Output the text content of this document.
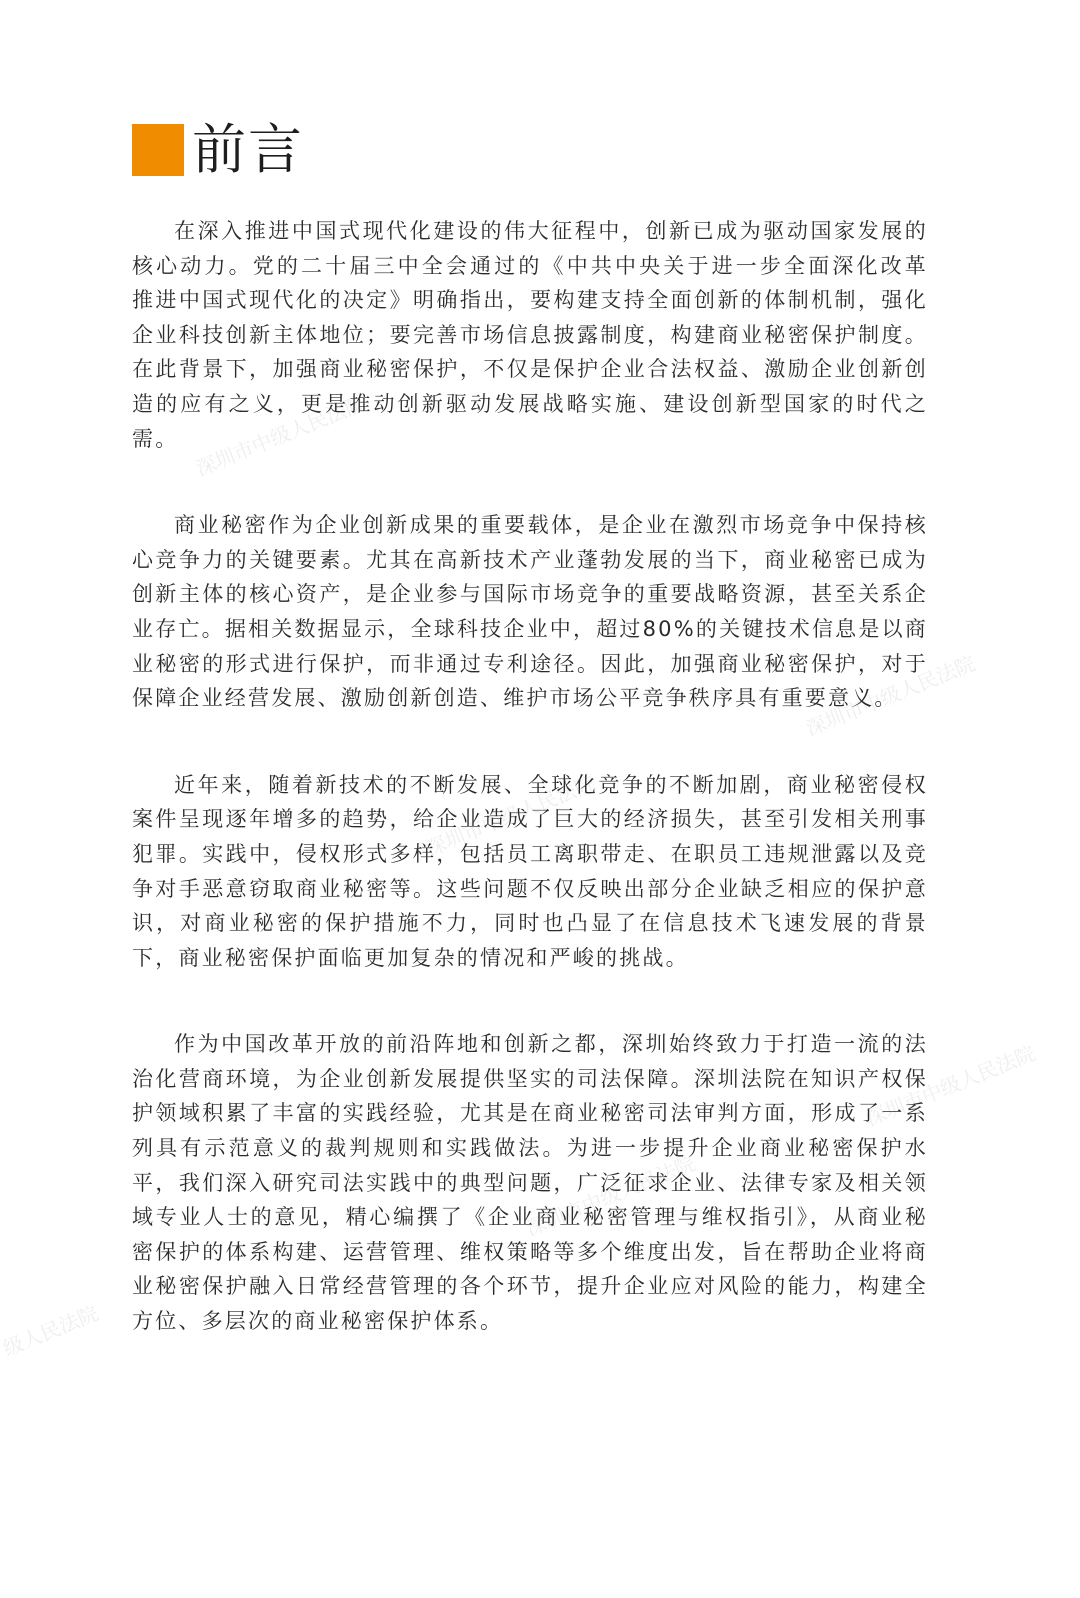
深圳市中级人民法院
深圳市中级人民法院
深圳市中级人民法院
深圳市中级人民法院
级人民法院
深圳市中级人民法院
前言

在深入推进中国式现代化建设的伟大征程中，创新已成为驱动国家发展的核心动力。党的二十届三中全会通过的《中共中央关于进一步全面深化改革 推进中国式现代化的决定》明确指出，要构建支持全面创新的体制机制，强化企业科技创新主体地位；要完善市场信息披露制度，构建商业秘密保护制度。在此背景下，加强商业秘密保护，不仅是保护企业合法权益、激励企业创新创造的应有之义，更是推动创新驱动发展战略实施、建设创新型国家的时代之需。

商业秘密作为企业创新成果的重要载体，是企业在激烈市场竞争中保持核心竞争力的关键要素。尤其在高新技术产业蓬勃发展的当下，商业秘密已成为创新主体的核心资产，是企业参与国际市场竞争的重要战略资源，甚至关系企业存亡。据相关数据显示，全球科技企业中，超过80%的关键技术信息是以商业秘密的形式进行保护，而非通过专利途径。因此，加强商业秘密保护，对于保障企业经营发展、激励创新创造、维护市场公平竞争秩序具有重要意义。

近年来，随着新技术的不断发展、全球化竞争的不断加剧，商业秘密侵权案件呈现逐年增多的趋势，给企业造成了巨大的经济损失，甚至引发相关刑事犯罪。实践中，侵权形式多样，包括员工离职带走、在职员工违规泄露以及竞争对手恶意窃取商业秘密等。这些问题不仅反映出部分企业缺乏相应的保护意识，对商业秘密的保护措施不力，同时也凸显了在信息技术飞速发展的背景下，商业秘密保护面临更加复杂的情况和严峻的挑战。

作为中国改革开放的前沿阵地和创新之都，深圳始终致力于打造一流的法治化营商环境，为企业创新发展提供坚实的司法保障。深圳法院在知识产权保护领域积累了丰富的实践经验，尤其是在商业秘密司法审判方面，形成了一系列具有示范意义的裁判规则和实践做法。为进一步提升企业商业秘密保护水平，我们深入研究司法实践中的典型问题，广泛征求企业、法律专家及相关领域专业人士的意见，精心编撰了《企业商业秘密管理与维权指引》，从商业秘密保护的体系构建、运营管理、维权策略等多个维度出发，旨在帮助企业将商业秘密保护融入日常经营管理的各个环节，提升企业应对风险的能力，构建全方位、多层次的商业秘密保护体系。
